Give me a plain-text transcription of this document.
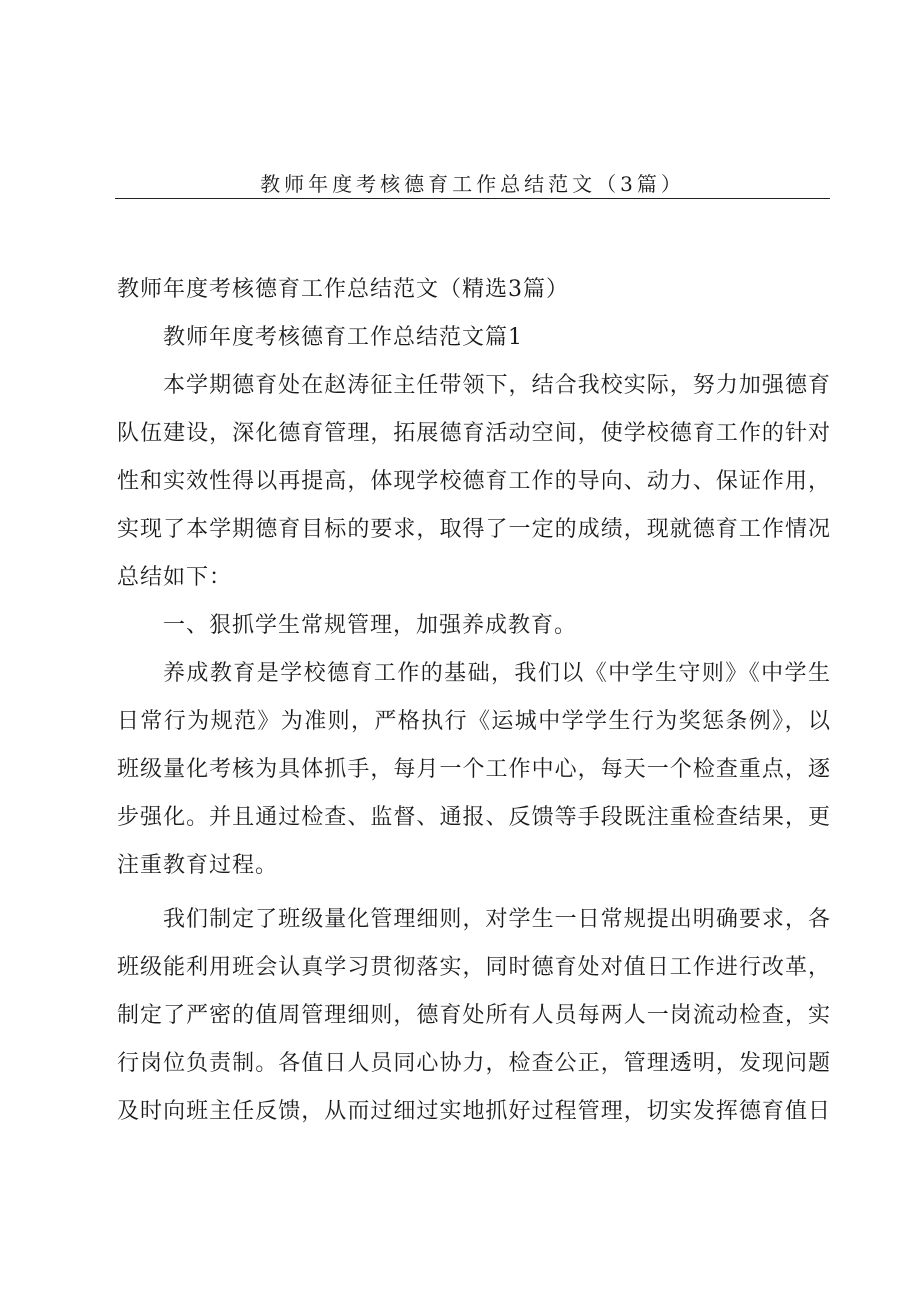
教师年度考核德育工作总结范文（3篇）
教师年度考核德育工作总结范文（精选3篇）
教师年度考核德育工作总结范文篇1
本学期德育处在赵涛征主任带领下，结合我校实际，努力加强德育
队伍建设，深化德育管理，拓展德育活动空间，使学校德育工作的针对
性和实效性得以再提高，体现学校德育工作的导向、动力、保证作用，
实现了本学期德育目标的要求，取得了一定的成绩，现就德育工作情况
总结如下：
一、狠抓学生常规管理，加强养成教育。
养成教育是学校德育工作的基础，我们以《中学生守则》《中学生
日常行为规范》为准则，严格执行《运城中学学生行为奖惩条例》，以
班级量化考核为具体抓手，每月一个工作中心，每天一个检查重点，逐
步强化。并且通过检查、监督、通报、反馈等手段既注重检查结果，更
注重教育过程。
我们制定了班级量化管理细则，对学生一日常规提出明确要求，各
班级能利用班会认真学习贯彻落实，同时德育处对值日工作进行改革，
制定了严密的值周管理细则，德育处所有人员每两人一岗流动检查，实
行岗位负责制。各值日人员同心协力，检查公正，管理透明，发现问题
及时向班主任反馈，从而过细过实地抓好过程管理，切实发挥德育值日
